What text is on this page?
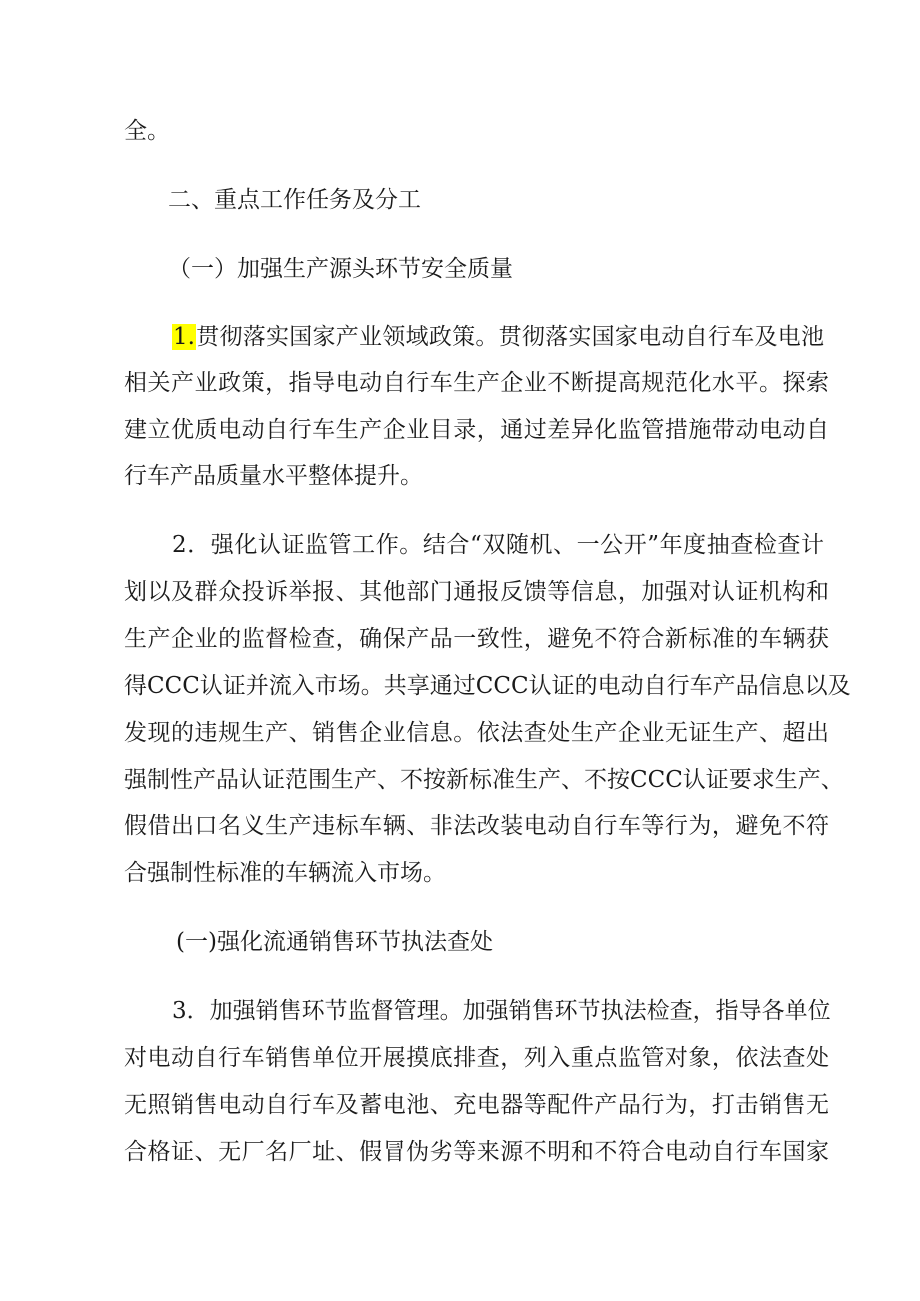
全。
二、重点工作任务及分工
（一）加强生产源头环节安全质量
1.贯彻落实国家产业领域政策。贯彻落实国家电动自行车及电池
相关产业政策，指导电动自行车生产企业不断提高规范化水平。探索
建立优质电动自行车生产企业目录，通过差异化监管措施带动电动自
行车产品质量水平整体提升。
2．强化认证监管工作。结合“双随机、一公开”年度抽查检查计
划以及群众投诉举报、其他部门通报反馈等信息，加强对认证机构和
生产企业的监督检查，确保产品一致性，避免不符合新标准的车辆获
得CCC认证并流入市场。共享通过CCC认证的电动自行车产品信息以及
发现的违规生产、销售企业信息。依法查处生产企业无证生产、超出
强制性产品认证范围生产、不按新标准生产、不按CCC认证要求生产、
假借出口名义生产违标车辆、非法改装电动自行车等行为，避免不符
合强制性标准的车辆流入市场。
(一)强化流通销售环节执法查处
3．加强销售环节监督管理。加强销售环节执法检查，指导各单位
对电动自行车销售单位开展摸底排查，列入重点监管对象，依法查处
无照销售电动自行车及蓄电池、充电器等配件产品行为，打击销售无
合格证、无厂名厂址、假冒伪劣等来源不明和不符合电动自行车国家
